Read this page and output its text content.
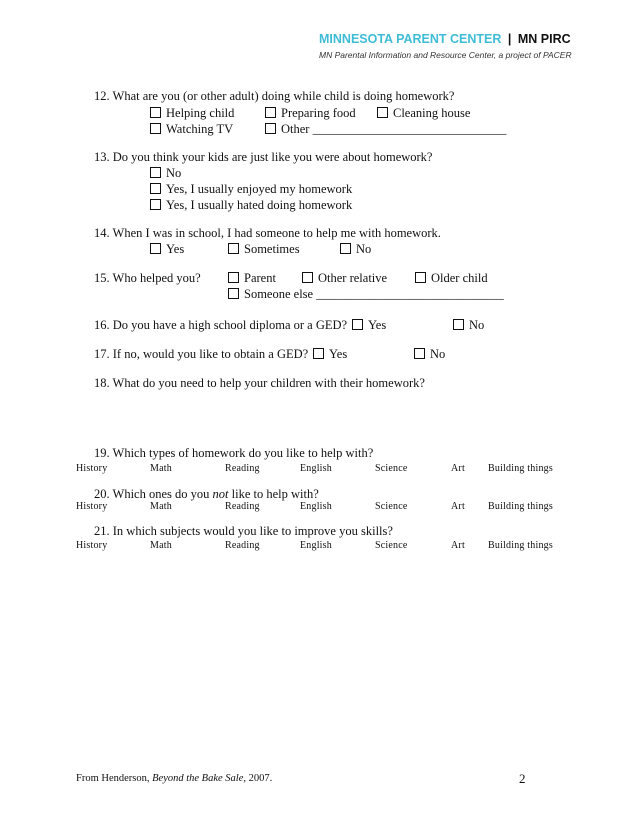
MINNESOTA PARENT CENTER | MN PIRC
MN Parental Information and Resource Center, a project of PACER
12. What are you (or other adult) doing while child is doing homework?
Helping child	Preparing food	Cleaning house
Watching TV	Other _______________________________
13. Do you think your kids are just like you were about homework?
No
Yes, I usually enjoyed my homework
Yes, I usually hated doing homework
14. When I was in school, I had someone to help me with homework.
Yes	Sometimes	No
15. Who helped you?	Parent	Other relative	Older child
Someone else ______________________________
16. Do you have a high school diploma or a GED?	Yes	No
17. If no, would you like to obtain a GED?	Yes	No
18. What do you need to help your children with their homework?
19. Which types of homework do you like to help with?
History	Math	Reading	English	Science	Art Building things
20. Which ones do you not like to help with?
History	Math	Reading	English	Science	Art Building things
21. In which subjects would you like to improve you skills?
History	Math	Reading	English	Science	Art Building things
From Henderson, Beyond the Bake Sale, 2007.	2
